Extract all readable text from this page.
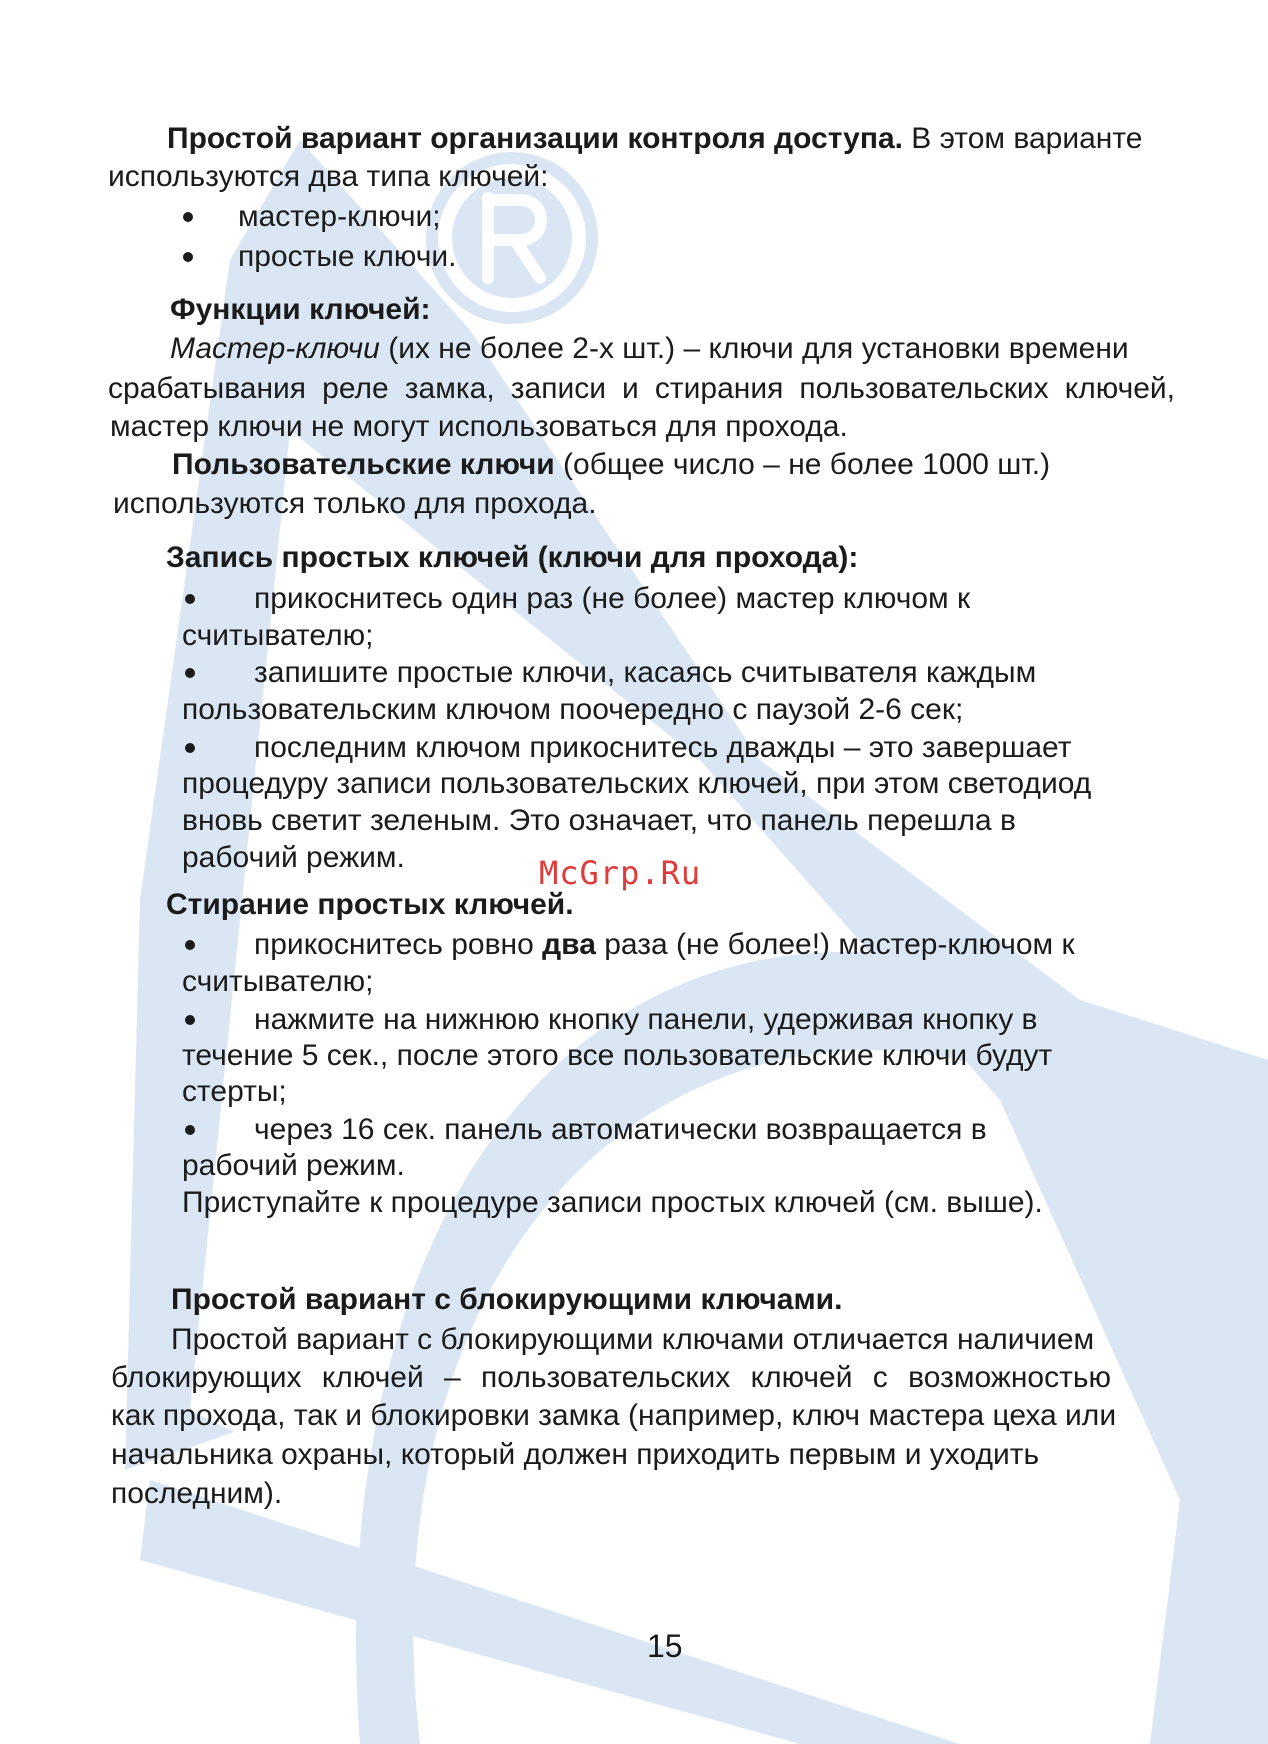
Простой вариант организации контроля доступа. В этом варианте
используются два типа ключей:
мастер-ключи;
простые ключи.
Функции ключей:
Мастер-ключи (их не более 2-х шт.) – ключи для установки времени
срабатывания реле замка, записи и стирания пользовательских ключей,
мастер ключи не могут использоваться для прохода.
Пользовательские ключи (общее число – не более 1000 шт.)
используются только для прохода.
Запись простых ключей (ключи для прохода):
прикоснитесь один раз (не более) мастер ключом к
считывателю;
запишите простые ключи, касаясь считывателя каждым
пользовательским ключом поочередно с паузой 2-6 сек;
последним ключом прикоснитесь дважды – это завершает
процедуру записи пользовательских ключей, при этом светодиод
вновь светит зеленым. Это означает, что панель перешла в
рабочий режим.	McGrp.Ru
Стирание простых ключей.
прикоснитесь ровно два раза (не более!) мастер-ключом к
считывателю;
нажмите на нижнюю кнопку панели, удерживая кнопку в
течение 5 сек., после этого все пользовательские ключи будут
стерты;
через 16 сек. панель автоматически возвращается в
рабочий режим.
Приступайте к процедуре записи простых ключей (см. выше).
Простой вариант с блокирующими ключами.
Простой вариант с блокирующими ключами отличается наличием
блокирующих ключей – пользовательских ключей с возможностью
как прохода, так и блокировки замка (например, ключ мастера цеха или
начальника охраны, который должен приходить первым и уходить
последним).
15
